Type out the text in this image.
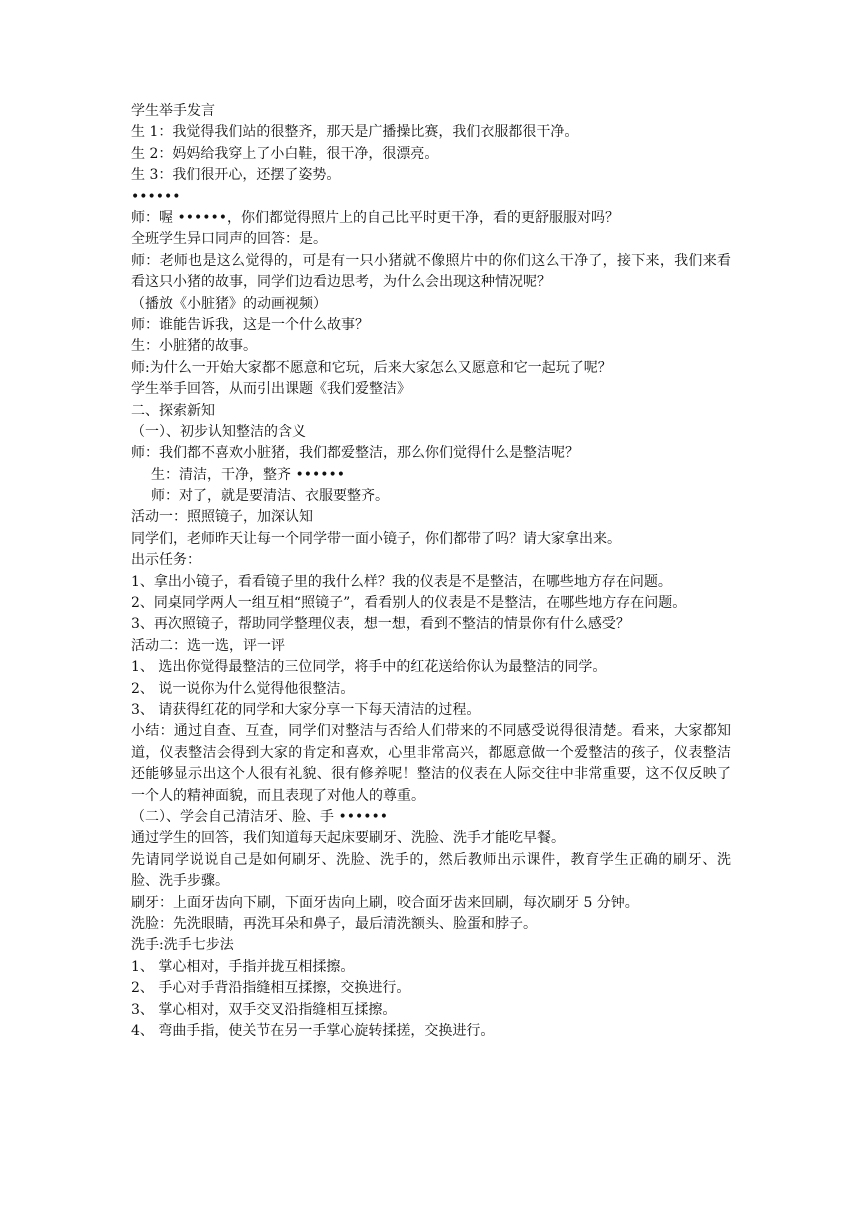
学生举手发言
生 1：我觉得我们站的很整齐，那天是广播操比赛，我们衣服都很干净。
生 2：妈妈给我穿上了小白鞋，很干净，很漂亮。
生 3：我们很开心，还摆了姿势。
••••••
师：喔 ••••••，你们都觉得照片上的自己比平时更干净，看的更舒服服对吗？
全班学生异口同声的回答：是。
师：老师也是这么觉得的，可是有一只小猪就不像照片中的你们这么干净了，接下来，我们来看看这只小猪的故事，同学们边看边思考，为什么会出现这种情况呢？
（播放《小脏猪》的动画视频）
师：谁能告诉我，这是一个什么故事？
生：小脏猪的故事。
师:为什么一开始大家都不愿意和它玩，后来大家怎么又愿意和它一起玩了呢？
学生举手回答，从而引出课题《我们爱整洁》
二、探索新知
（一）、初步认知整洁的含义
师：我们都不喜欢小脏猪，我们都爱整洁，那么你们觉得什么是整洁呢？
生：清洁，干净，整齐 ••••••
师：对了，就是要清洁、衣服要整齐。
活动一：照照镜子，加深认知
同学们，老师昨天让每一个同学带一面小镜子，你们都带了吗？请大家拿出来。
出示任务：
1、拿出小镜子，看看镜子里的我什么样？我的仪表是不是整洁，在哪些地方存在问题。
2、同桌同学两人一组互相“照镜子”，看看别人的仪表是不是整洁，在哪些地方存在问题。
3、再次照镜子，帮助同学整理仪表，想一想，看到不整洁的情景你有什么感受？
活动二：选一选，评一评
1、 选出你觉得最整洁的三位同学，将手中的红花送给你认为最整洁的同学。
2、 说一说你为什么觉得他很整洁。
3、 请获得红花的同学和大家分享一下每天清洁的过程。
小结：通过自查、互查，同学们对整洁与否给人们带来的不同感受说得很清楚。看来，大家都知道，仪表整洁会得到大家的肯定和喜欢，心里非常高兴，都愿意做一个爱整洁的孩子，仪表整洁还能够显示出这个人很有礼貌、很有修养呢！整洁的仪表在人际交往中非常重要，这不仅反映了一个人的精神面貌，而且表现了对他人的尊重。
（二）、学会自己清洁牙、脸、手 ••••••
通过学生的回答，我们知道每天起床要刷牙、洗脸、洗手才能吃早餐。
先请同学说说自己是如何刷牙、洗脸、洗手的，然后教师出示课件，教育学生正确的刷牙、洗脸、洗手步骤。
刷牙：上面牙齿向下刷，下面牙齿向上刷，咬合面牙齿来回刷，每次刷牙 5 分钟。
洗脸：先洗眼睛，再洗耳朵和鼻子，最后清洗额头、脸蛋和脖子。
洗手:洗手七步法
1、 掌心相对，手指并拢互相揉擦。
2、 手心对手背沿指缝相互揉擦，交换进行。
3、 掌心相对，双手交叉沿指缝相互揉擦。
4、 弯曲手指，使关节在另一手掌心旋转揉搓，交换进行。
